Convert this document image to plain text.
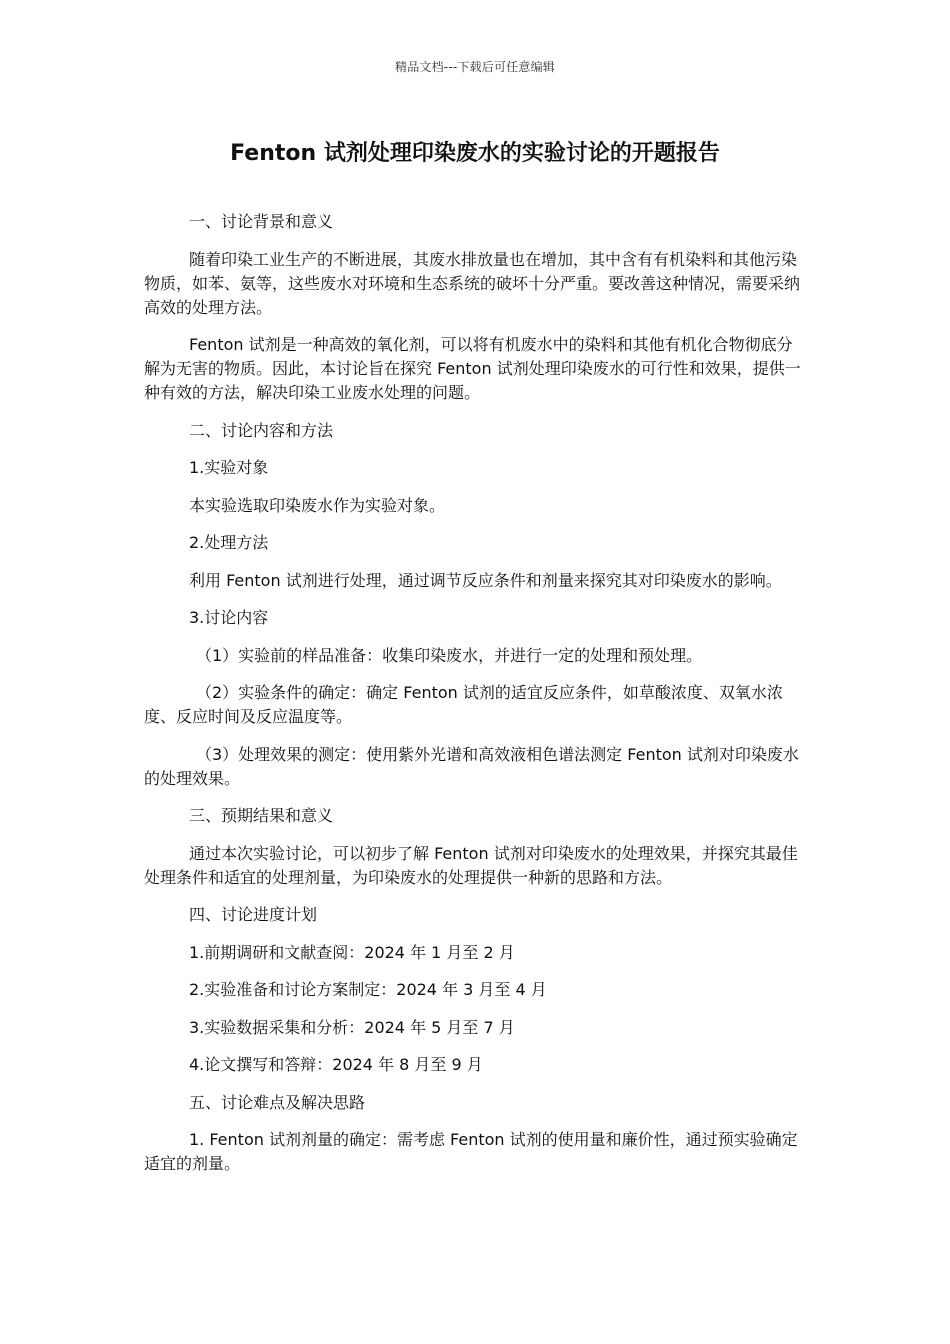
精品文档---下载后可任意编辑
Fenton 试剂处理印染废水的实验讨论的开题报告

一、讨论背景和意义

随着印染工业生产的不断进展，其废水排放量也在增加，其中含有有机染料和其他污染物质，如苯、氨等，这些废水对环境和生态系统的破坏十分严重。要改善这种情况，需要采纳高效的处理方法。

Fenton 试剂是一种高效的氧化剂，可以将有机废水中的染料和其他有机化合物彻底分解为无害的物质。因此，本讨论旨在探究 Fenton 试剂处理印染废水的可行性和效果，提供一种有效的方法，解决印染工业废水处理的问题。

二、讨论内容和方法

1.实验对象

本实验选取印染废水作为实验对象。

2.处理方法

利用 Fenton 试剂进行处理，通过调节反应条件和剂量来探究其对印染废水的影响。

3.讨论内容

（1）实验前的样品准备：收集印染废水，并进行一定的处理和预处理。

（2）实验条件的确定：确定 Fenton 试剂的适宜反应条件，如草酸浓度、双氧水浓度、反应时间及反应温度等。

（3）处理效果的测定：使用紫外光谱和高效液相色谱法测定 Fenton 试剂对印染废水的处理效果。

三、预期结果和意义

通过本次实验讨论，可以初步了解 Fenton 试剂对印染废水的处理效果，并探究其最佳处理条件和适宜的处理剂量，为印染废水的处理提供一种新的思路和方法。

四、讨论进度计划

1.前期调研和文献查阅：2024 年 1 月至 2 月

2.实验准备和讨论方案制定：2024 年 3 月至 4 月

3.实验数据采集和分析：2024 年 5 月至 7 月

4.论文撰写和答辩：2024 年 8 月至 9 月

五、讨论难点及解决思路

1. Fenton 试剂剂量的确定：需考虑 Fenton 试剂的使用量和廉价性，通过预实验确定适宜的剂量。
